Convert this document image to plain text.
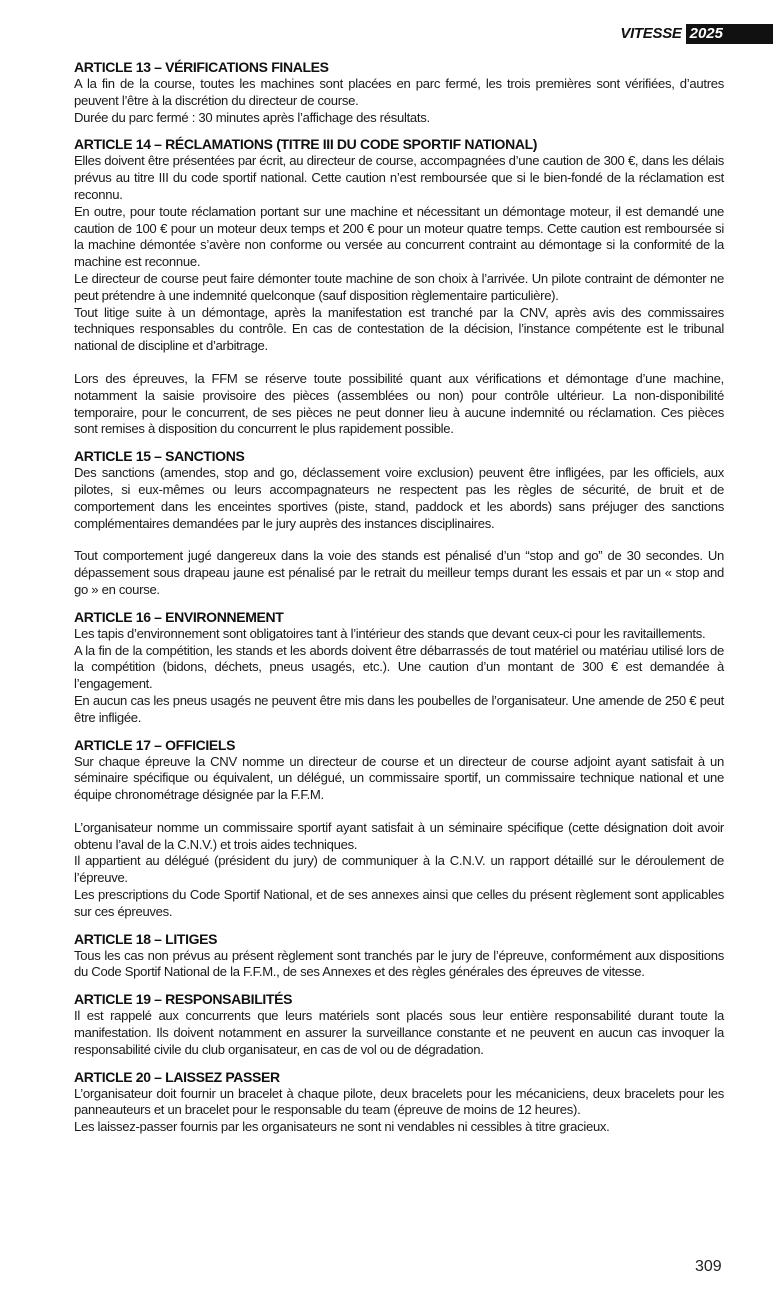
VITESSE 2025
ARTICLE 13 – VÉRIFICATIONS FINALES

A la fin de la course, toutes les machines sont placées en parc fermé, les trois premières sont vérifiées, d’autres peuvent l’être à la discrétion du directeur de course.

Durée du parc fermé : 30 minutes après l’affichage des résultats.

ARTICLE 14 – RÉCLAMATIONS (TITRE III DU CODE SPORTIF NATIONAL)

Elles doivent être présentées par écrit, au directeur de course, accompagnées d’une caution de 300 €, dans les délais prévus au titre III du code sportif national. Cette caution n’est remboursée que si le bien-fondé de la réclamation est reconnu.

En outre, pour toute réclamation portant sur une machine et nécessitant un démontage moteur, il est demandé une caution de 100 € pour un moteur deux temps et 200 € pour un moteur quatre temps. Cette caution est remboursée si la machine démontée s’avère non conforme ou versée au concurrent contraint au démontage si la conformité de la machine est reconnue.

Le directeur de course peut faire démonter toute machine de son choix à l’arrivée. Un pilote contraint de démonter ne peut prétendre à une indemnité quelconque (sauf disposition règlementaire particulière).

Tout litige suite à un démontage, après la manifestation est tranché par la CNV, après avis des commissaires techniques responsables du contrôle. En cas de contestation de la décision, l’instance compétente est le tribunal national de discipline et d’arbitrage.

Lors des épreuves, la FFM se réserve toute possibilité quant aux vérifications et démontage d’une machine, notamment la saisie provisoire des pièces (assemblées ou non) pour contrôle ultérieur. La non-disponibilité temporaire, pour le concurrent, de ses pièces ne peut donner lieu à aucune indemnité ou réclamation. Ces pièces sont remises à disposition du concurrent le plus rapidement possible.

ARTICLE 15 – SANCTIONS

Des sanctions (amendes, stop and go, déclassement voire exclusion) peuvent être infligées, par les officiels, aux pilotes, si eux-mêmes ou leurs accompagnateurs ne respectent pas les règles de sécurité, de bruit et de comportement dans les enceintes sportives (piste, stand, paddock et les abords) sans préjuger des sanctions complémentaires demandées par le jury auprès des instances disciplinaires.

Tout comportement jugé dangereux dans la voie des stands est pénalisé d’un “stop and go” de 30 secondes. Un dépassement sous drapeau jaune est pénalisé par le retrait du meilleur temps durant les essais et par un « stop and go » en course.

ARTICLE 16 – ENVIRONNEMENT

Les tapis d’environnement sont obligatoires tant à l’intérieur des stands que devant ceux-ci pour les ravitaillements.

A la fin de la compétition, les stands et les abords doivent être débarrassés de tout matériel ou matériau utilisé lors de la compétition (bidons, déchets, pneus usagés, etc.). Une caution d’un montant de 300 € est demandée à l’engagement.

En aucun cas les pneus usagés ne peuvent être mis dans les poubelles de l’organisateur. Une amende de 250 € peut être infligée.

ARTICLE 17 – OFFICIELS

Sur chaque épreuve la CNV nomme un directeur de course et un directeur de course adjoint ayant satisfait à un séminaire spécifique ou équivalent, un délégué, un commissaire sportif, un commissaire technique national et une équipe chronométrage désignée par la F.F.M.

L’organisateur nomme un commissaire sportif ayant satisfait à un séminaire spécifique (cette désignation doit avoir obtenu l’aval de la C.N.V.) et trois aides techniques.

Il appartient au délégué (président du jury) de communiquer à la C.N.V. un rapport détaillé sur le déroulement de l’épreuve.

Les prescriptions du Code Sportif National, et de ses annexes ainsi que celles du présent règlement sont applicables sur ces épreuves.

ARTICLE 18 – LITIGES

Tous les cas non prévus au présent règlement sont tranchés par le jury de l’épreuve, conformément aux dispositions du Code Sportif National de la F.F.M., de ses Annexes et des règles générales des épreuves de vitesse.

ARTICLE 19 – RESPONSABILITÉS

Il est rappelé aux concurrents que leurs matériels sont placés sous leur entière responsabilité durant toute la manifestation. Ils doivent notamment en assurer la surveillance constante et ne peuvent en aucun cas invoquer la responsabilité civile du club organisateur, en cas de vol ou de dégradation.

ARTICLE 20 – LAISSEZ PASSER

L’organisateur doit fournir un bracelet à chaque pilote, deux bracelets pour les mécaniciens, deux bracelets pour les panneauteurs et un bracelet pour le responsable du team (épreuve de moins de 12 heures).

Les laissez-passer fournis par les organisateurs ne sont ni vendables ni cessibles à titre gracieux.

309
